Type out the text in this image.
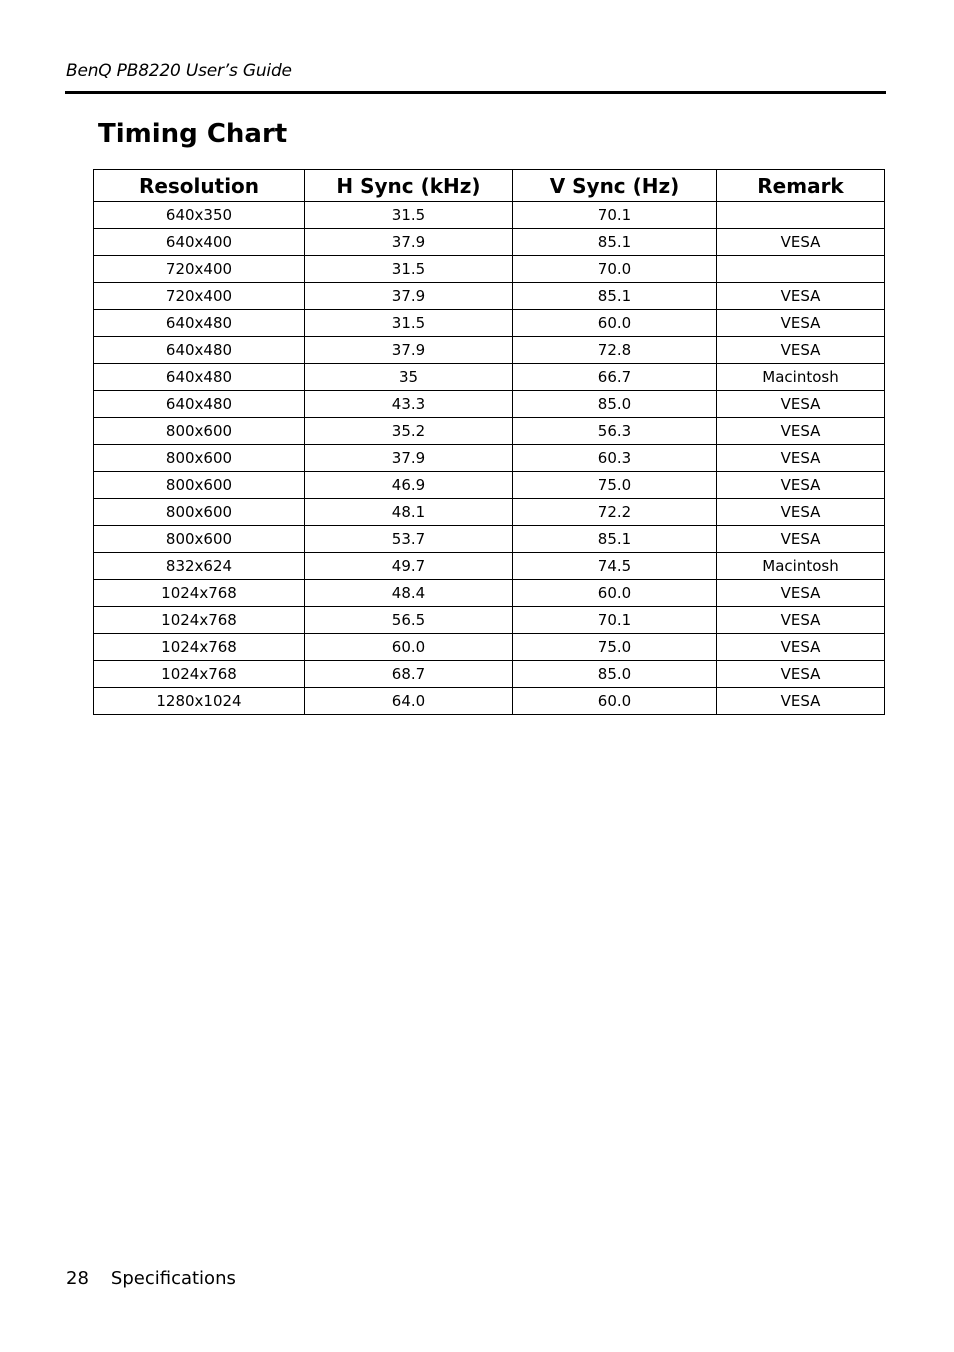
BenQ PB8220 User’s Guide
Timing Chart
Resolution	H Sync (kHz)	V Sync (Hz)	Remark
640x350	31.5	70.1	
640x400	37.9	85.1	VESA
720x400	31.5	70.0	
720x400	37.9	85.1	VESA
640x480	31.5	60.0	VESA
640x480	37.9	72.8	VESA
640x480	35	66.7	Macintosh
640x480	43.3	85.0	VESA
800x600	35.2	56.3	VESA
800x600	37.9	60.3	VESA
800x600	46.9	75.0	VESA
800x600	48.1	72.2	VESA
800x600	53.7	85.1	VESA
832x624	49.7	74.5	Macintosh
1024x768	48.4	60.0	VESA
1024x768	56.5	70.1	VESA
1024x768	60.0	75.0	VESA
1024x768	68.7	85.0	VESA
1280x1024	64.0	60.0	VESA
28 Specifications
